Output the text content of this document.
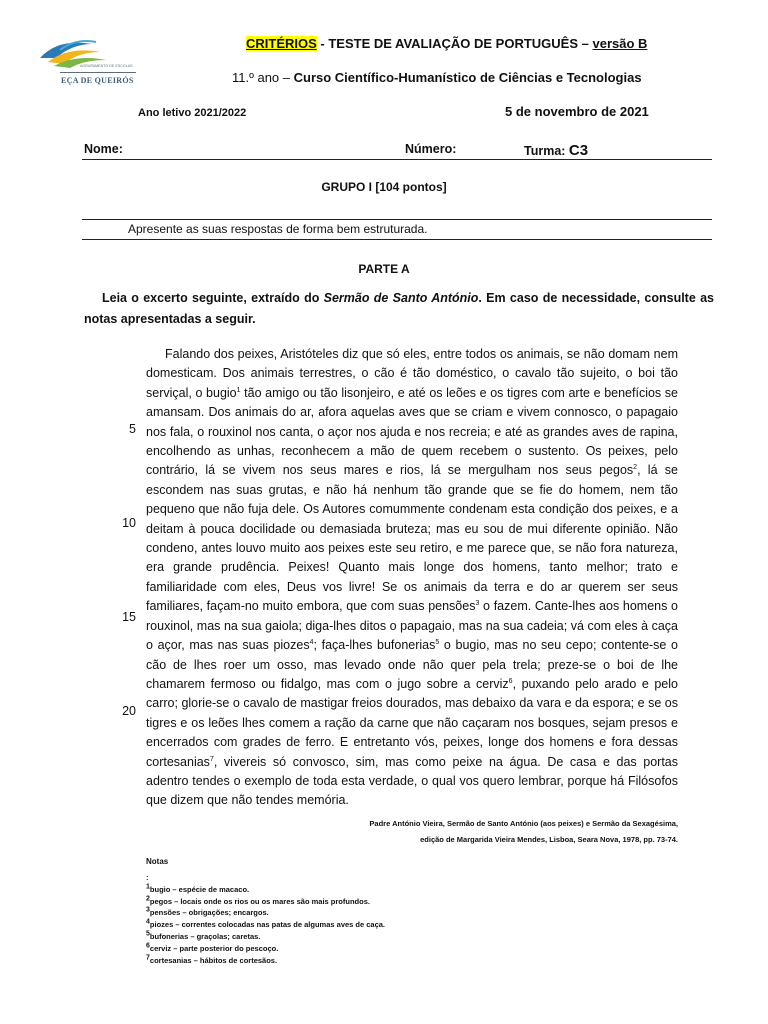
AGRUPAMENTO DE ESCOLAS
EÇA DE QUEIRÓS
CRITÉRIOS - TESTE DE AVALIAÇÃO DE PORTUGUÊS – versão B
11.º ano – Curso Científico-Humanístico de Ciências e Tecnologias
Ano letivo 2021/2022	5 de novembro de 2021
Nome:	Número:	Turma: C3
GRUPO I [104 pontos]
Apresente as suas respostas de forma bem estruturada.
PARTE A
Leia o excerto seguinte, extraído do Sermão de Santo António. Em caso de necessidade, consulte as notas apresentadas a seguir.

Falando dos peixes, Aristóteles diz que só eles, entre todos os animais, se não domam nem domesticam. Dos animais terrestres, o cão é tão doméstico, o cavalo tão sujeito, o boi tão serviçal, o bugio$^1$ tão amigo ou tão lisonjeiro, e até os leões e os tigres com arte e benefícios se amansam. Dos animais do ar, afora aquelas aves que se criam e vivem connosco, o papagaio nos fala, o rouxinol nos canta, o açor nos ajuda e nos recreia; e até as grandes aves de rapina, encolhendo as unhas, reconhecem a mão de quem recebem o sustento. Os peixes, pelo contrário, lá se vivem nos seus mares e rios, lá se mergulham nos seus pegos$^2$, lá se escondem nas suas grutas, e não há nenhum tão grande que se fie do homem, nem tão pequeno que não fuja dele. Os Autores comummente condenam esta condição dos peixes, e a deitam à pouca docilidade ou demasiada bruteza; mas eu sou de mui diferente opinião. Não condeno, antes louvo muito aos peixes este seu retiro, e me parece que, se não fora natureza, era grande prudência. Peixes! Quanto mais longe dos homens, tanto melhor; trato e familiaridade com eles, Deus vos livre! Se os animais da terra e do ar querem ser seus familiares, façam-no muito embora, que com suas pensões$^3$ o fazem. Cante-lhes aos homens o rouxinol, mas na sua gaiola; diga-lhes ditos o papagaio, mas na sua cadeia; vá com eles à caça o açor, mas nas suas piozes$^4$; faça-lhes bufonerias$^5$ o bugio, mas no seu cepo; contente-se o cão de lhes roer um osso, mas levado onde não quer pela trela; preze-se o boi de lhe chamarem fermoso ou fidalgo, mas com o jugo sobre a cerviz$^6$, puxando pelo arado e pelo carro; glorie-se o cavalo de mastigar freios dourados, mas debaixo da vara e da espora; e se os tigres e os leões lhes comem a ração da carne que não caçaram nos bosques, sejam presos e encerrados com grades de ferro. E entretanto vós, peixes, longe dos homens e fora dessas cortesanias$^7$, vivereis só convosco, sim, mas como peixe na água. De casa e das portas adentro tendes o exemplo de toda esta verdade, o qual vos quero lembrar, porque há Filósofos que dizem que não tendes memória.

5
10
15
20
Padre António Vieira, Sermão de Santo António (aos peixes) e Sermão da Sexagésima,
edição de Margarida Vieira Mendes, Lisboa, Seara Nova, 1978, pp. 73-74.
Notas
:
$^1$bugio – espécie de macaco.
$^2$pegos – locais onde os rios ou os mares são mais profundos.
$^3$pensões – obrigações; encargos.
$^4$piozes – correntes colocadas nas patas de algumas aves de caça.
$^5$bufonerias – graçolas; caretas.
$^6$cerviz – parte posterior do pescoço.
$^7$cortesanias – hábitos de cortesãos.
